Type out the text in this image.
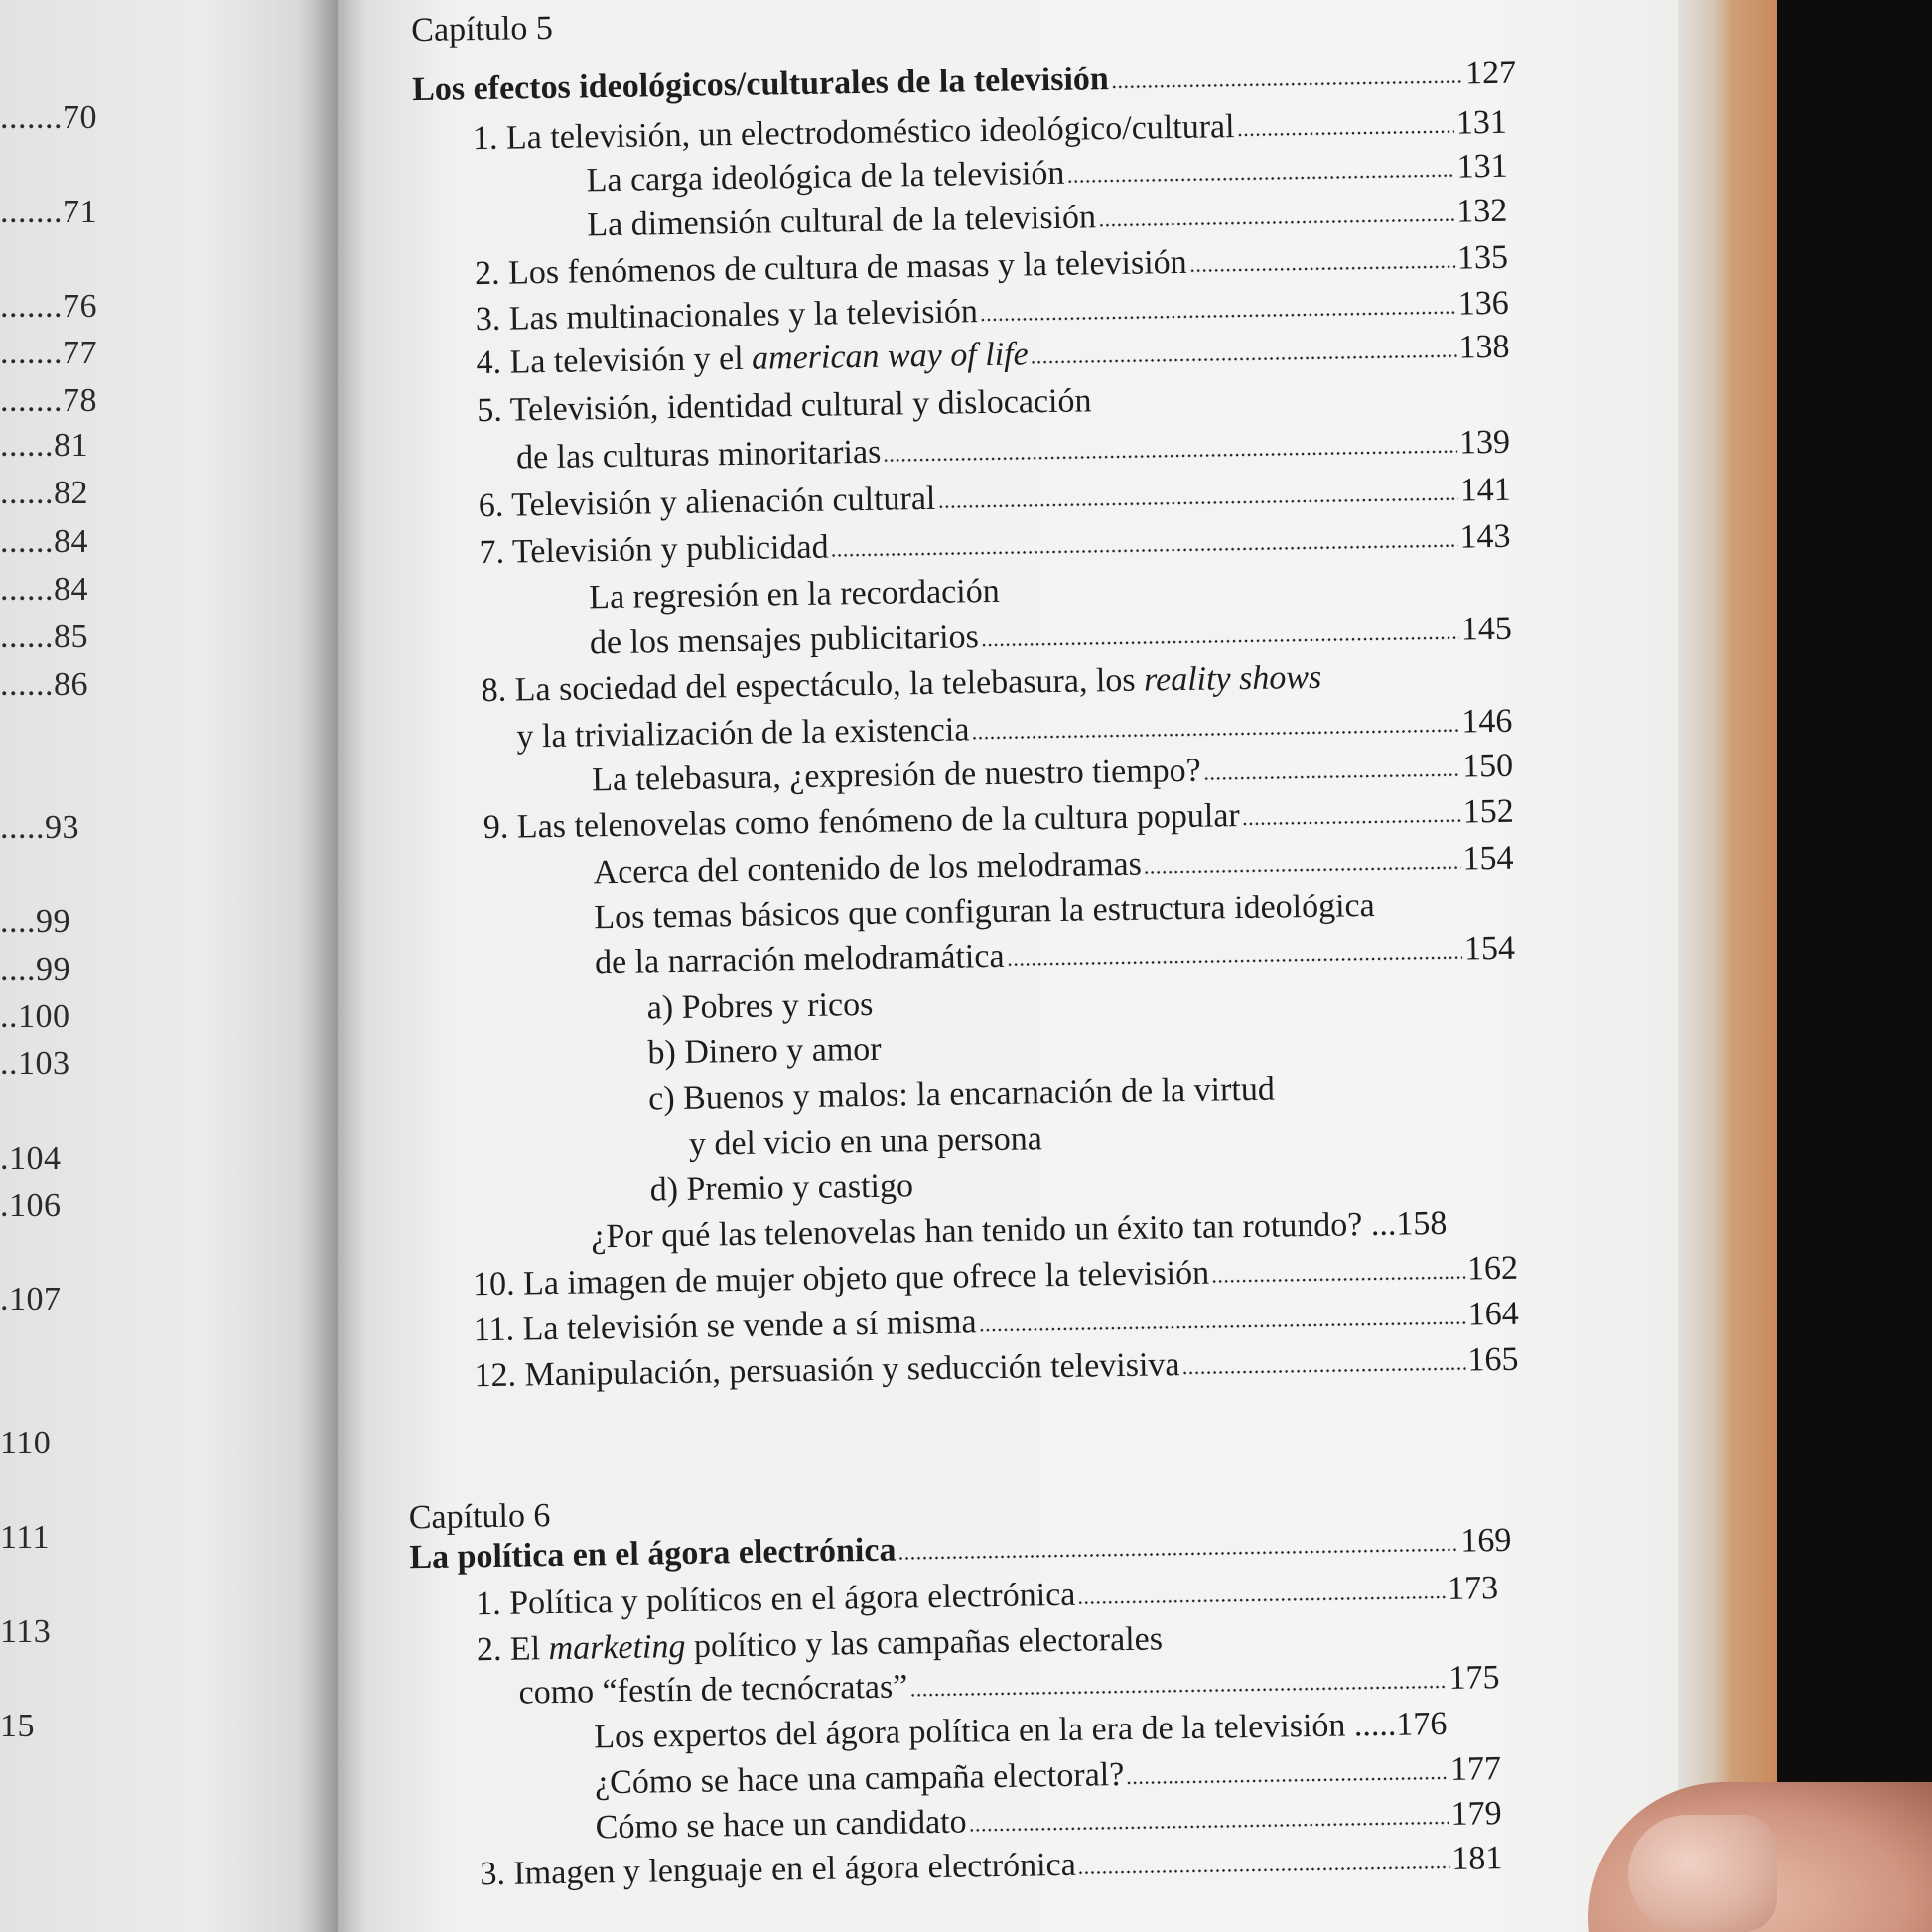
.......70
.......71
.......76
.......77
.......78
......81
......82
......84
......84
......85
......86
.....93
....99
....99
..100
..103
.104
.106
.107
110
111
113
15
Capítulo 5
Los efectos ideológicos/culturales de la televisión	127
1. La televisión, un electrodoméstico ideológico/cultural	131
La carga ideológica de la televisión	131
La dimensión cultural de la televisión	132
2. Los fenómenos de cultura de masas y la televisión	135
3. Las multinacionales y la televisión	136
4. La televisión y el american way of life	138
5. Televisión, identidad cultural y dislocación
de las culturas minoritarias	139
6. Televisión y alienación cultural	141
7. Televisión y publicidad	143
La regresión en la recordación
de los mensajes publicitarios	145
8. La sociedad del espectáculo, la telebasura, los reality shows
y la trivialización de la existencia	146
La telebasura, ¿expresión de nuestro tiempo?	150
9. Las telenovelas como fenómeno de la cultura popular	152
Acerca del contenido de los melodramas	154
Los temas básicos que configuran la estructura ideológica
de la narración melodramática	154
a) Pobres y ricos
b) Dinero y amor
c) Buenos y malos: la encarnación de la virtud
y del vicio en una persona
d) Premio y castigo
¿Por qué las telenovelas han tenido un éxito tan rotundo? ...158
10. La imagen de mujer objeto que ofrece la televisión	162
11. La televisión se vende a sí misma	164
12. Manipulación, persuasión y seducción televisiva	165
Capítulo 6
La política en el ágora electrónica	169
1. Política y políticos en el ágora electrónica	173
2. El marketing político y las campañas electorales
como “festín de tecnócratas”	175
Los expertos del ágora política en la era de la televisión .....176
¿Cómo se hace una campaña electoral?	177
Cómo se hace un candidato	179
3. Imagen y lenguaje en el ágora electrónica	181
